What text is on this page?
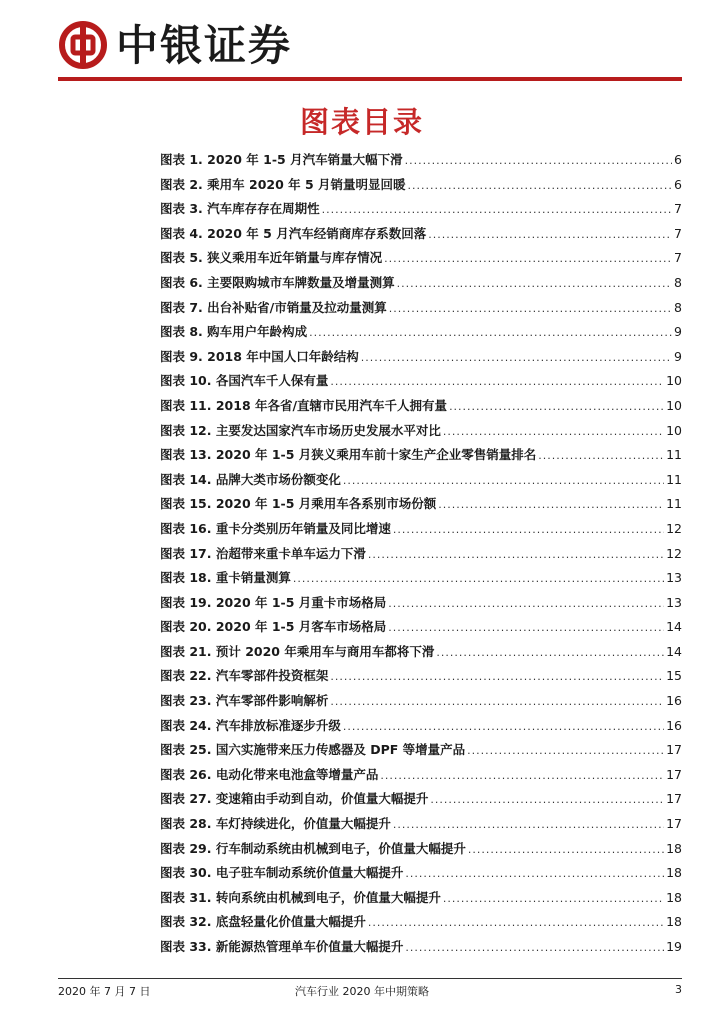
中银证券
图表目录
图表 1. 2020 年 1-5 月汽车销量大幅下滑 .....	6
图表 2. 乘用车 2020 年 5 月销量明显回暖 .....	6
图表 3. 汽车库存存在周期性 .....	7
图表 4. 2020 年 5 月汽车经销商库存系数回落 .....	7
图表 5. 狭义乘用车近年销量与库存情况 .....	7
图表 6. 主要限购城市车牌数量及增量测算 .....	8
图表 7. 出台补贴省/市销量及拉动量测算 .....	8
图表 8. 购车用户年龄构成 .....	9
图表 9. 2018 年中国人口年龄结构 .....	9
图表 10. 各国汽车千人保有量 .....	10
图表 11. 2018 年各省/直辖市民用汽车千人拥有量 .....	10
图表 12. 主要发达国家汽车市场历史发展水平对比 .....	10
图表 13. 2020 年 1-5 月狭义乘用车前十家生产企业零售销量排名 .....	11
图表 14. 品牌大类市场份额变化 .....	11
图表 15. 2020 年 1-5 月乘用车各系别市场份额 .....	11
图表 16. 重卡分类别历年销量及同比增速 .....	12
图表 17. 治超带来重卡单车运力下滑 .....	12
图表 18. 重卡销量测算 .....	13
图表 19. 2020 年 1-5 月重卡市场格局 .....	13
图表 20. 2020 年 1-5 月客车市场格局 .....	14
图表 21. 预计 2020 年乘用车与商用车都将下滑 .....	14
图表 22. 汽车零部件投资框架 .....	15
图表 23. 汽车零部件影响解析 .....	16
图表 24. 汽车排放标准逐步升级 .....	16
图表 25. 国六实施带来压力传感器及 DPF 等增量产品 .....	17
图表 26. 电动化带来电池盒等增量产品 .....	17
图表 27. 变速箱由手动到自动，价值量大幅提升 .....	17
图表 28. 车灯持续进化，价值量大幅提升 .....	17
图表 29. 行车制动系统由机械到电子，价值量大幅提升 .....	18
图表 30. 电子驻车制动系统价值量大幅提升 .....	18
图表 31. 转向系统由机械到电子，价值量大幅提升 .....	18
图表 32. 底盘轻量化价值量大幅提升 .....	18
图表 33. 新能源热管理单车价值量大幅提升 .....	19
2020 年 7 月 7 日	汽车行业 2020 年中期策略	3
